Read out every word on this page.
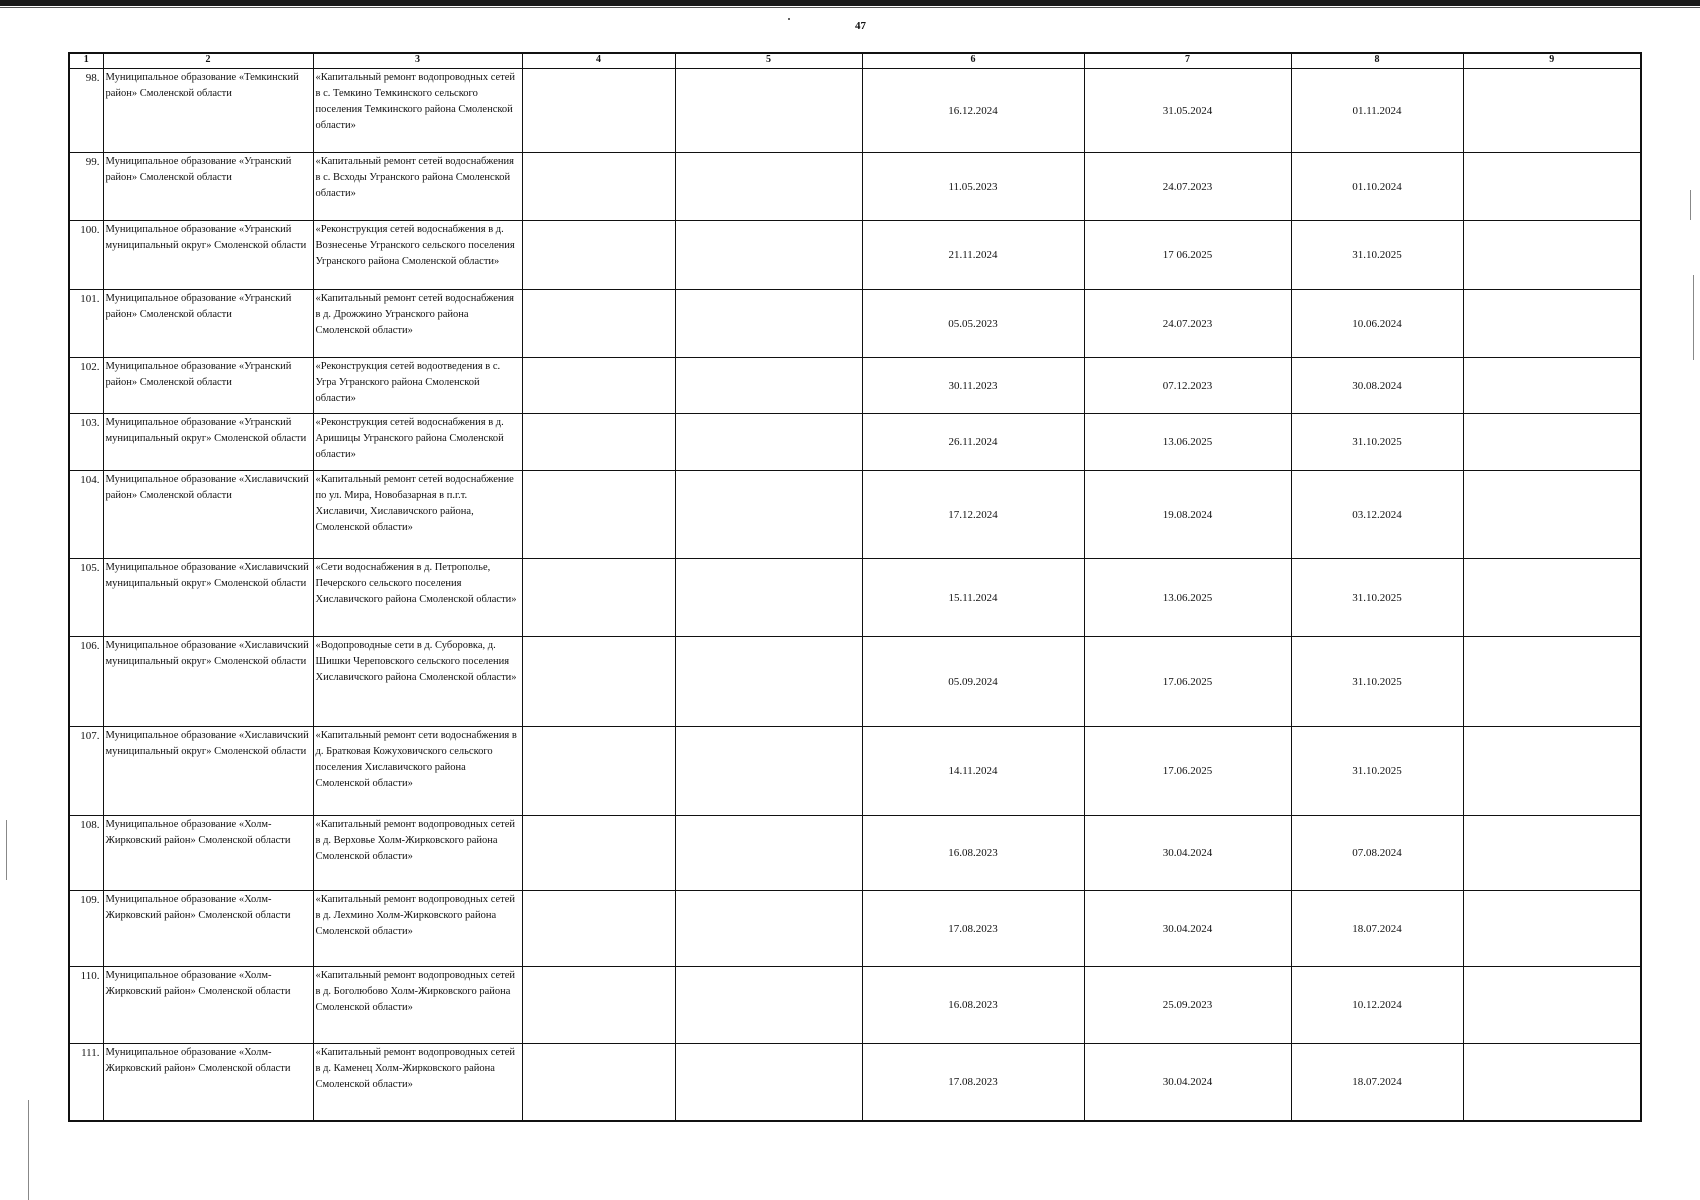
47
1	2	3	4	5	6	7	8	9
98.	Муниципальное образование «Темкинский район» Смоленской области	«Капитальный ремонт водопроводных сетей в с. Темкино Темкинского сельского поселения Темкинского района Смоленской области»			16.12.2024	31.05.2024	01.11.2024	
99.	Муниципальное образование «Угранский район» Смоленской области	«Капитальный ремонт сетей водоснабжения в с. Всходы Угранского района Смоленской области»			11.05.2023	24.07.2023	01.10.2024	
100.	Муниципальное образование «Угранский муниципальный округ» Смоленской области	«Реконструкция сетей водоснабжения в д. Вознесенье Угранского сельского поселения Угранского района Смоленской области»			21.11.2024	17 06.2025	31.10.2025	
101.	Муниципальное образование «Угранский район» Смоленской области	«Капитальный ремонт сетей водоснабжения в д. Дрожжино Угранского района Смоленской области»			05.05.2023	24.07.2023	10.06.2024	
102.	Муниципальное образование «Угранский район» Смоленской области	«Реконструкция сетей водоотведения в с. Угра Угранского района Смоленской области»			30.11.2023	07.12.2023	30.08.2024	
103.	Муниципальное образование «Угранский муниципальный округ» Смоленской области	«Реконструкция сетей водоснабжения в д. Аришицы Угранского района Смоленской области»			26.11.2024	13.06.2025	31.10.2025	
104.	Муниципальное образование «Хиславичский район» Смоленской области	«Капитальный ремонт сетей водоснабжение по ул. Мира, Новобазарная в п.г.т. Хиславичи, Хиславичского района, Смоленской области»			17.12.2024	19.08.2024	03.12.2024	
105.	Муниципальное образование «Хиславичский муниципальный округ» Смоленской области	«Сети водоснабжения в д. Петрополье, Печерского сельского поселения Хиславичского района Смоленской области»			15.11.2024	13.06.2025	31.10.2025	
106.	Муниципальное образование «Хиславичский муниципальный округ» Смоленской области	«Водопроводные сети в д. Суборовка, д. Шишки Череповского сельского поселения Хиславичского района Смоленской области»			05.09.2024	17.06.2025	31.10.2025	
107.	Муниципальное образование «Хиславичский муниципальный округ» Смоленской области	«Капитальный ремонт сети водоснабжения в д. Братковая Кожуховичского сельского поселения Хиславичского района Смоленской области»			14.11.2024	17.06.2025	31.10.2025	
108.	Муниципальное образование «Холм-Жирковский район» Смоленской области	«Капитальный ремонт водопроводных сетей в д. Верховье Холм-Жирковского района Смоленской области»			16.08.2023	30.04.2024	07.08.2024	
109.	Муниципальное образование «Холм-Жирковский район» Смоленской области	«Капитальный ремонт водопроводных сетей в д. Лехмино Холм-Жирковского района Смоленской области»			17.08.2023	30.04.2024	18.07.2024	
110.	Муниципальное образование «Холм-Жирковский район» Смоленской области	«Капитальный ремонт водопроводных сетей в д. Боголюбово Холм-Жирковского района Смоленской области»			16.08.2023	25.09.2023	10.12.2024	
111.	Муниципальное образование «Холм-Жирковский район» Смоленской области	«Капитальный ремонт водопроводных сетей в д. Каменец Холм-Жирковского района Смоленской области»			17.08.2023	30.04.2024	18.07.2024	
